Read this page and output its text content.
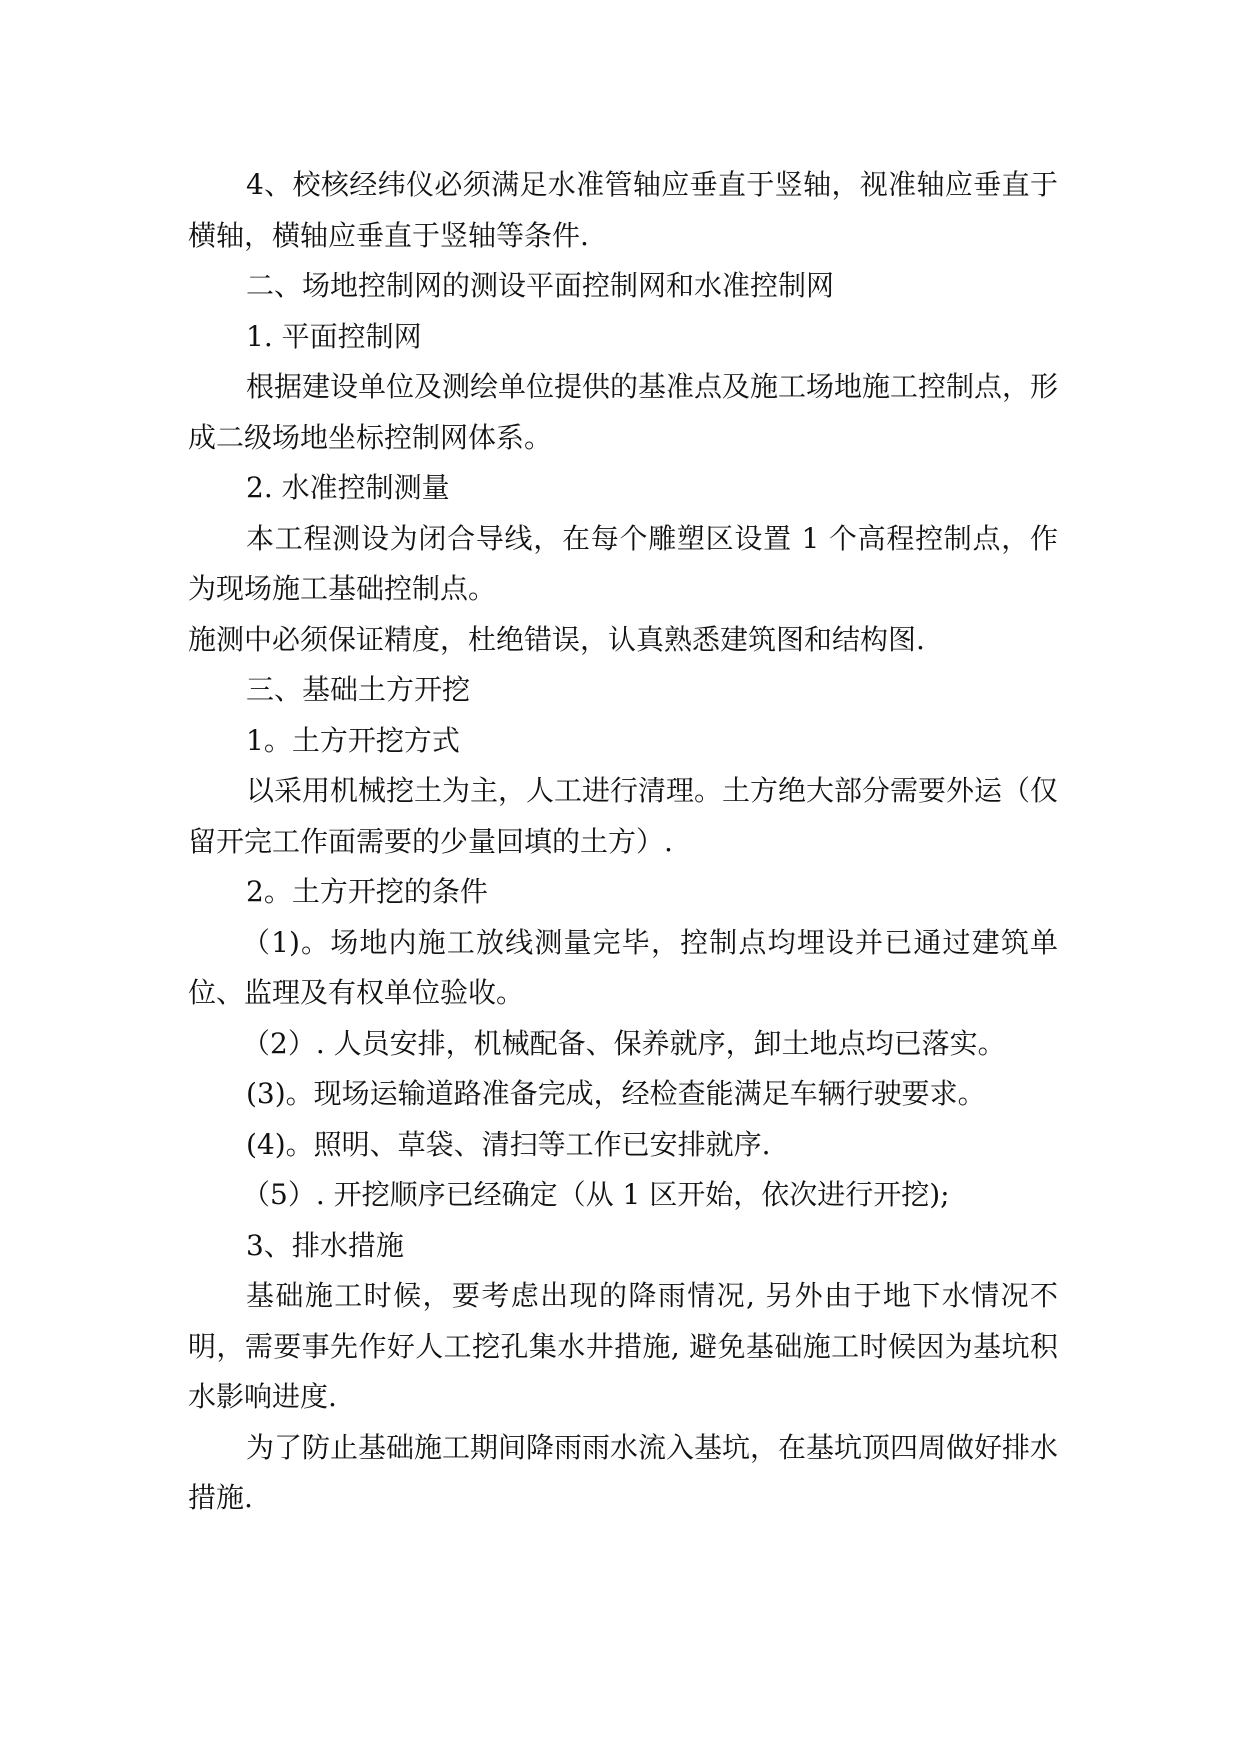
4、校核经纬仪必须满足水准管轴应垂直于竖轴，视准轴应垂直于横轴，横轴应垂直于竖轴等条件.

二、场地控制网的测设平面控制网和水准控制网

1. 平面控制网

根据建设单位及测绘单位提供的基准点及施工场地施工控制点，形成二级场地坐标控制网体系。

2. 水准控制测量

本工程测设为闭合导线，在每个雕塑区设置 1 个高程控制点，作为现场施工基础控制点。

施测中必须保证精度，杜绝错误，认真熟悉建筑图和结构图.

三、基础土方开挖

1。土方开挖方式

以采用机械挖土为主，人工进行清理。土方绝大部分需要外运（仅留开完工作面需要的少量回填的土方）.

2。土方开挖的条件

（1)。场地内施工放线测量完毕，控制点均埋设并已通过建筑单位、监理及有权单位验收。

（2）. 人员安排，机械配备、保养就序，卸土地点均已落实。

(3)。现场运输道路准备完成，经检查能满足车辆行驶要求。

(4)。照明、草袋、清扫等工作已安排就序.

（5）. 开挖顺序已经确定（从 1 区开始，依次进行开挖);

3、排水措施

基础施工时候，要考虑出现的降雨情况, 另外由于地下水情况不明，需要事先作好人工挖孔集水井措施, 避免基础施工时候因为基坑积水影响进度.

为了防止基础施工期间降雨雨水流入基坑，在基坑顶四周做好排水措施.
